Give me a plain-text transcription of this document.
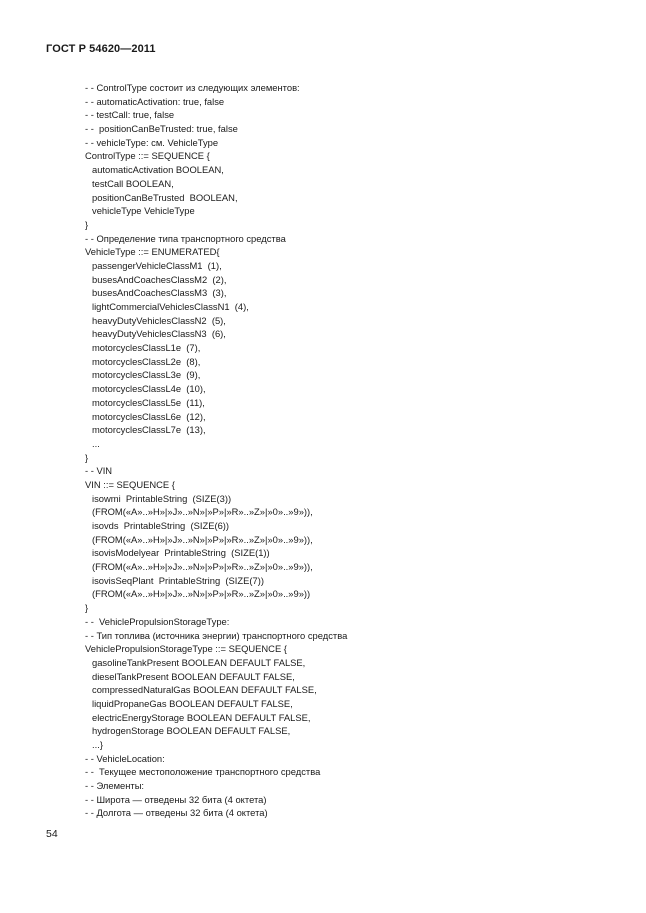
ГОСТ Р 54620—2011
- - ControlType состоит из следующих элементов:
- - automaticActivation: true, false
- - testCall: true, false
- -  positionCanBeTrusted: true, false
- - vehicleType: см. VehicleType
ControlType ::= SEQUENCE {
automaticActivation BOOLEAN,
testCall BOOLEAN,
positionCanBeTrusted  BOOLEAN,
vehicleType VehicleType
}
- - Определение типа транспортного средства
VehicleType ::= ENUMERATED{
passengerVehicleClassM1  (1),
busesAndCoachesClassM2  (2),
busesAndCoachesClassM3  (3),
lightCommercialVehiclesClassN1  (4),
heavyDutyVehiclesClassN2  (5),
heavyDutyVehiclesClassN3  (6),
motorcyclesClassL1e  (7),
motorcyclesClassL2e  (8),
motorcyclesClassL3e  (9),
motorcyclesClassL4e  (10),
motorcyclesClassL5e  (11),
motorcyclesClassL6e  (12),
motorcyclesClassL7e  (13),
...
}
- - VIN
VIN ::= SEQUENCE {
isowmi  PrintableString  (SIZE(3))
(FROM(«A»..»H»|»J»..»N»|»P»|»R»..»Z»|»0»..»9»)),
isovds  PrintableString  (SIZE(6))
(FROM(«A»..»H»|»J»..»N»|»P»|»R»..»Z»|»0»..»9»)),
isovisModelyear  PrintableString  (SIZE(1))
(FROM(«A»..»H»|»J»..»N»|»P»|»R»..»Z»|»0»..»9»)),
isovisSeqPlant  PrintableString  (SIZE(7))
(FROM(«A»..»H»|»J»..»N»|»P»|»R»..»Z»|»0»..»9»))
}
- -  VehiclePropulsionStorageType:
- - Тип топлива (источника энергии) транспортного средства
VehiclePropulsionStorageType ::= SEQUENCE {
gasolineTankPresent BOOLEAN DEFAULT FALSE,
dieselTankPresent BOOLEAN DEFAULT FALSE,
compressedNaturalGas BOOLEAN DEFAULT FALSE,
liquidPropaneGas BOOLEAN DEFAULT FALSE,
electricEnergyStorage BOOLEAN DEFAULT FALSE,
hydrogenStorage BOOLEAN DEFAULT FALSE,
...}
- - VehicleLocation:
- -  Текущее местоположение транспортного средства
- - Элементы:
- - Широта — отведены 32 бита (4 октета)
- - Долгота — отведены 32 бита (4 октета)
54
